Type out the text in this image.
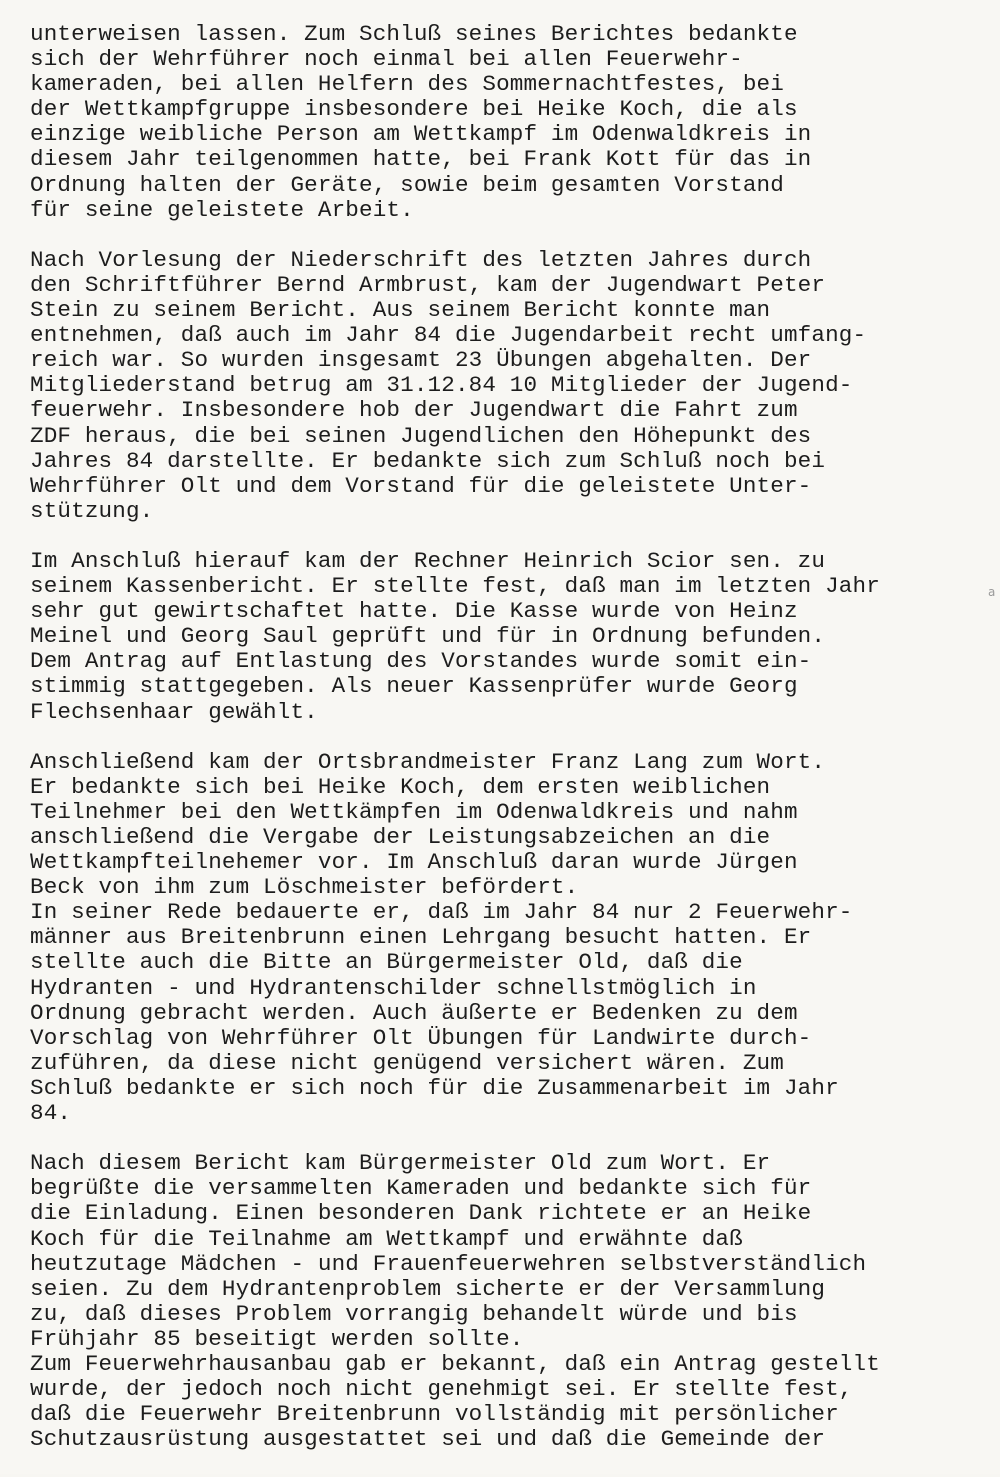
unterweisen lassen. Zum Schluß seines Berichtes bedankte
sich der Wehrführer noch einmal bei allen Feuerwehr-
kameraden, bei allen Helfern des Sommernachtfestes, bei
der Wettkampfgruppe insbesondere bei Heike Koch, die als
einzige weibliche Person am Wettkampf im Odenwaldkreis in
diesem Jahr teilgenommen hatte, bei Frank Kott für das in
Ordnung halten der Geräte, sowie beim gesamten Vorstand
für seine geleistete Arbeit.
Nach Vorlesung der Niederschrift des letzten Jahres durch
den Schriftführer Bernd Armbrust, kam der Jugendwart Peter
Stein zu seinem Bericht. Aus seinem Bericht konnte man
entnehmen, daß auch im Jahr 84 die Jugendarbeit recht umfang-
reich war. So wurden insgesamt 23 Übungen abgehalten. Der
Mitgliederstand betrug am 31.12.84 10 Mitglieder der Jugend-
feuerwehr. Insbesondere hob der Jugendwart die Fahrt zum
ZDF heraus, die bei seinen Jugendlichen den Höhepunkt des
Jahres 84 darstellte. Er bedankte sich zum Schluß noch bei
Wehrführer Olt und dem Vorstand für die geleistete Unter-
stützung.
Im Anschluß hierauf kam der Rechner Heinrich Scior sen. zu
seinem Kassenbericht. Er stellte fest, daß man im letzten Jahr
sehr gut gewirtschaftet hatte. Die Kasse wurde von Heinz
Meinel und Georg Saul geprüft und für in Ordnung befunden.
Dem Antrag auf Entlastung des Vorstandes wurde somit ein-
stimmig stattgegeben. Als neuer Kassenprüfer wurde Georg
Flechsenhaar gewählt.
Anschließend kam der Ortsbrandmeister Franz Lang zum Wort.
Er bedankte sich bei Heike Koch, dem ersten weiblichen
Teilnehmer bei den Wettkämpfen im Odenwaldkreis und nahm
anschließend die Vergabe der Leistungsabzeichen an die
Wettkampfteilnehemer vor. Im Anschluß daran wurde Jürgen
Beck von ihm zum Löschmeister befördert.
In seiner Rede bedauerte er, daß im Jahr 84 nur 2 Feuerwehr-
männer aus Breitenbrunn einen Lehrgang besucht hatten. Er
stellte auch die Bitte an Bürgermeister Old, daß die
Hydranten - und Hydrantenschilder schnellstmöglich in
Ordnung gebracht werden. Auch äußerte er Bedenken zu dem
Vorschlag von Wehrführer Olt Übungen für Landwirte durch-
zuführen, da diese nicht genügend versichert wären. Zum
Schluß bedankte er sich noch für die Zusammenarbeit im Jahr
84.
Nach diesem Bericht kam Bürgermeister Old zum Wort. Er
begrüßte die versammelten Kameraden und bedankte sich für
die Einladung. Einen besonderen Dank richtete er an Heike
Koch für die Teilnahme am Wettkampf und erwähnte daß
heutzutage Mädchen - und Frauenfeuerwehren selbstverständlich
seien. Zu dem Hydrantenproblem sicherte er der Versammlung
zu, daß dieses Problem vorrangig behandelt würde und bis
Frühjahr 85 beseitigt werden sollte.
Zum Feuerwehrhausanbau gab er bekannt, daß ein Antrag gestellt
wurde, der jedoch noch nicht genehmigt sei. Er stellte fest,
daß die Feuerwehr Breitenbrunn vollständig mit persönlicher
Schutzausrüstung ausgestattet sei und daß die Gemeinde der
a
